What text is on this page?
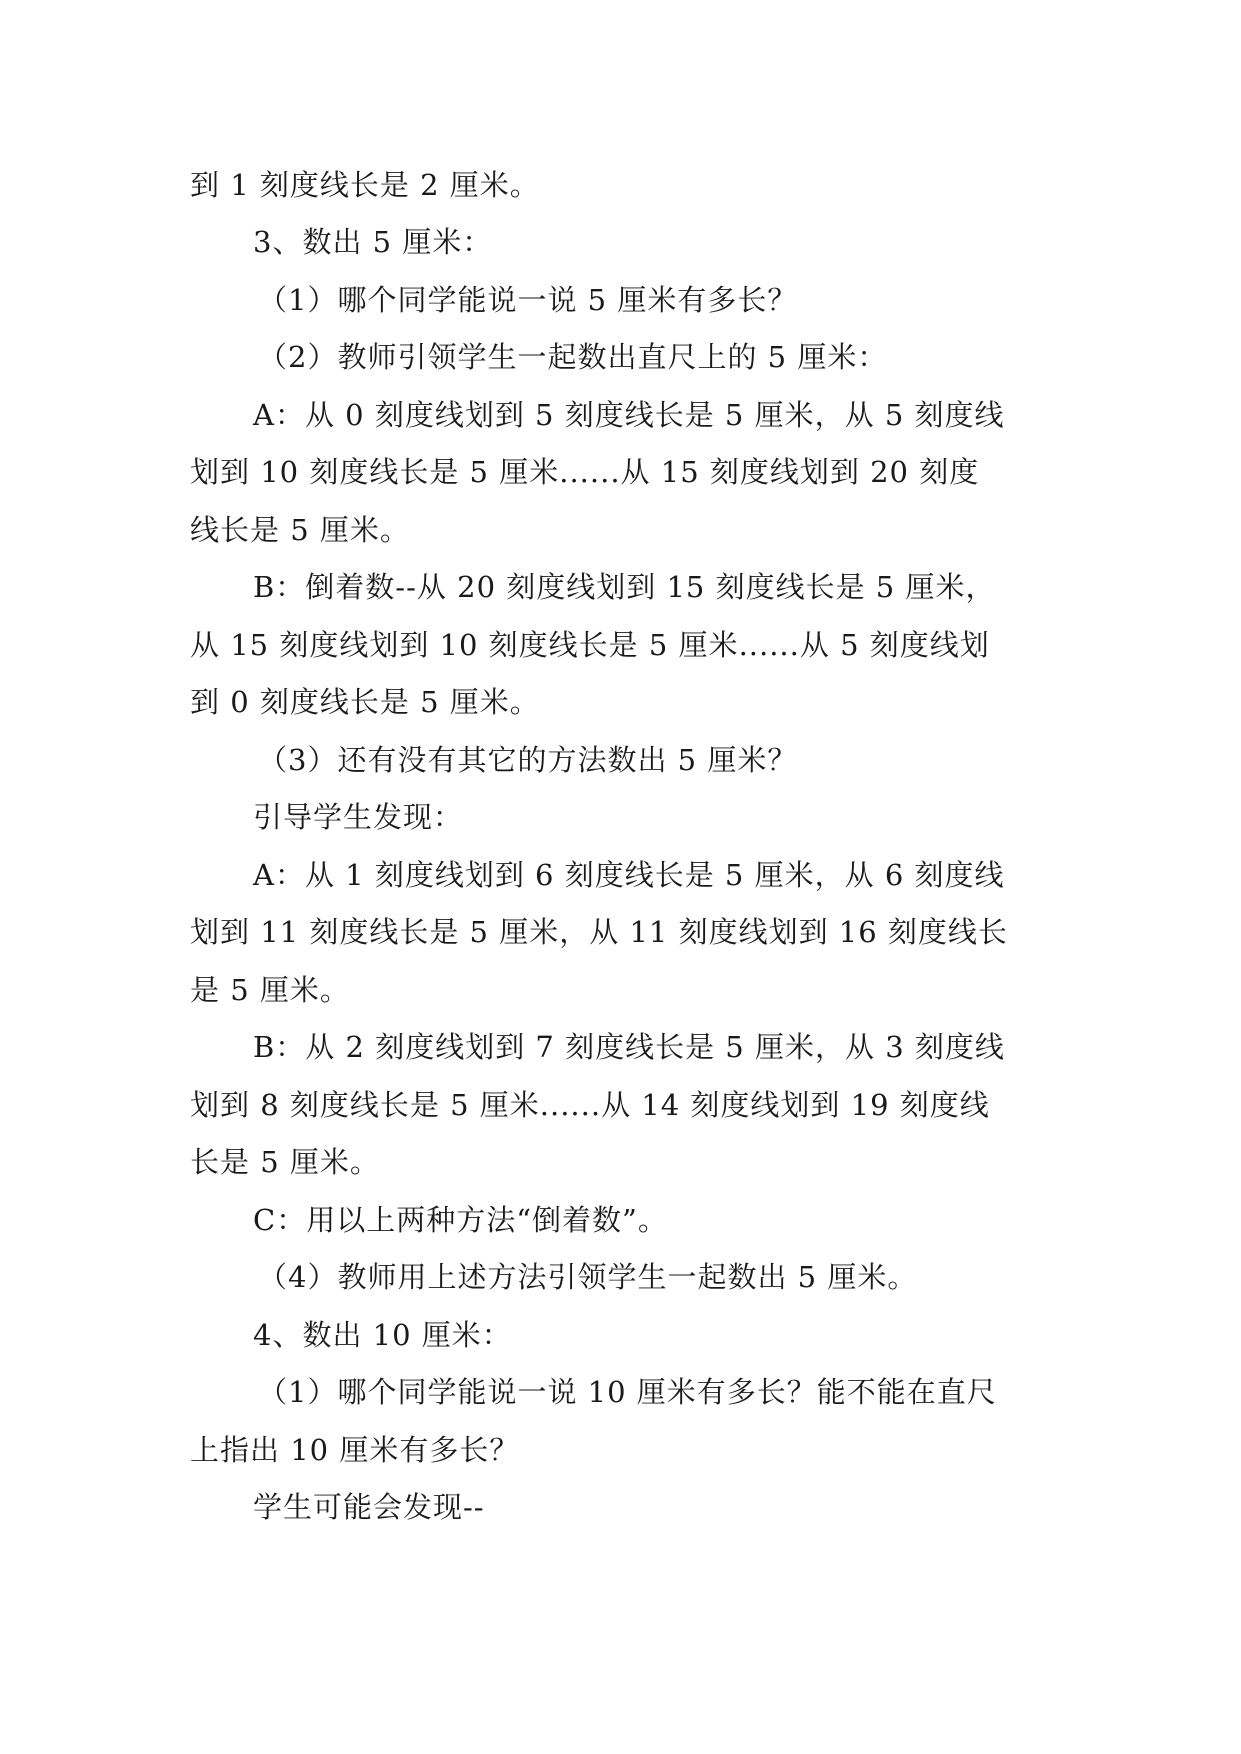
到 1 刻度线长是 2 厘米。
3、数出 5 厘米：
（1）哪个同学能说一说 5 厘米有多长？
（2）教师引领学生一起数出直尺上的 5 厘米：
A：从 0 刻度线划到 5 刻度线长是 5 厘米，从 5 刻度线
划到 10 刻度线长是 5 厘米......从 15 刻度线划到 20 刻度
线长是 5 厘米。
B：倒着数--从 20 刻度线划到 15 刻度线长是 5 厘米，
从 15 刻度线划到 10 刻度线长是 5 厘米......从 5 刻度线划
到 0 刻度线长是 5 厘米。
（3）还有没有其它的方法数出 5 厘米？
引导学生发现：
A：从 1 刻度线划到 6 刻度线长是 5 厘米，从 6 刻度线
划到 11 刻度线长是 5 厘米，从 11 刻度线划到 16 刻度线长
是 5 厘米。
B：从 2 刻度线划到 7 刻度线长是 5 厘米，从 3 刻度线
划到 8 刻度线长是 5 厘米......从 14 刻度线划到 19 刻度线
长是 5 厘米。
C：用以上两种方法“倒着数”。
（4）教师用上述方法引领学生一起数出 5 厘米。
4、数出 10 厘米：
（1）哪个同学能说一说 10 厘米有多长？能不能在直尺
上指出 10 厘米有多长？
学生可能会发现--
